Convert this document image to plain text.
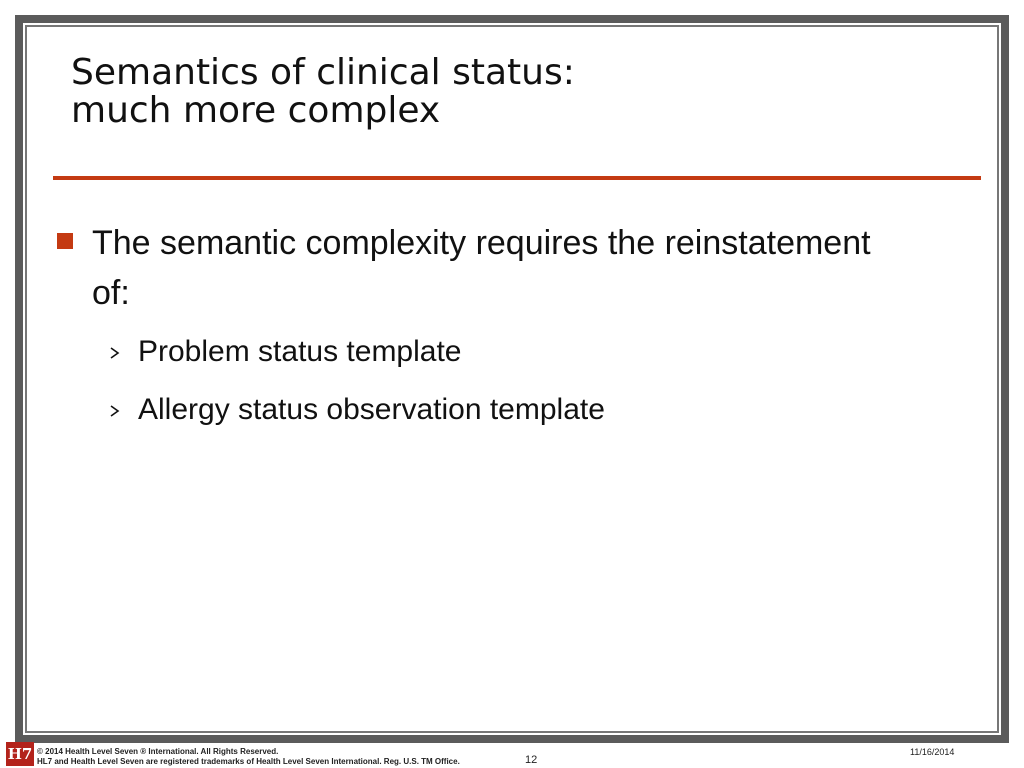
Semantics of clinical status:
much more complex
The semantic complexity requires the reinstatement of:
Problem status template
Allergy status observation template
H7 © 2014 Health Level Seven ® International. All Rights Reserved.
HL7 and Health Level Seven are registered trademarks of Health Level Seven International. Reg. U.S. TM Office.	12
11/16/2014
